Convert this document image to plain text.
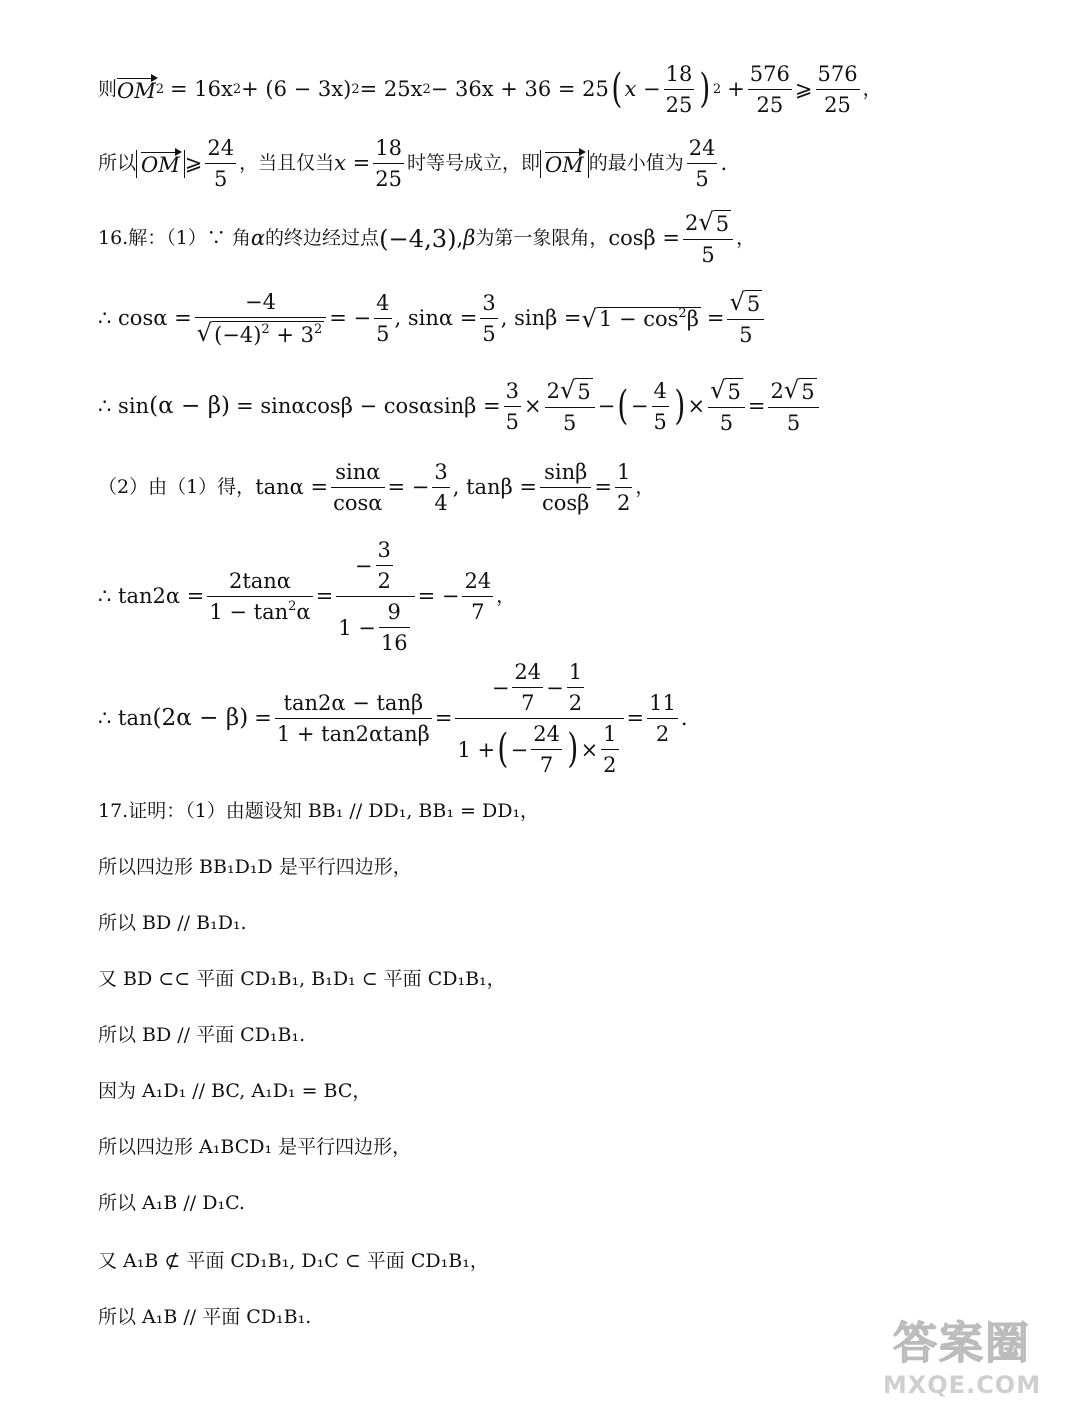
则 OM 2 = 16x 2 + (6 − 3x) 2 = 25x 2 − 36x + 36 = 25 ( $x - \frac{18}{25}$ ) $2 + \frac{576}{25}$ ⩾ $\frac{576}{25}$ ，
所以 OM ⩾ $\frac{24}{5}$ ，当且仅当 $x = \frac{18}{25}$ 时等号成立，即 OM 的最小值为 $\frac{24}{5}$ .
16.解：（1）∵ 角 α 的终边经过点 (−4,3) , β 为第一象限角， $\cos\beta = \frac{2 √ 5}{5}$ ，
∴ $\cos\alpha = \frac{-4}{√ (-4)^2 + 3^2}$ = − $\frac{4}{5}$ , $\sin\alpha = \frac{3}{5}$ , sinβ = √ $1 - \cos^2\beta = \frac{√ 5}{5}$
∴ $\sin (\alpha - \beta) = \sin\alpha\cos\beta - \cos\alpha\sin\beta = \frac{3}{5} \times \frac{2 √ 5}{5}$ − ( − $\frac{4}{5}$ ) × $\frac{√ 5}{5} = \frac{2 √ 5}{5}$
（2）由（1）得， $\tan\alpha = \frac{\sin\alpha}{\cos\alpha}$ = − $\frac{3}{4}$ , $\tan\beta = \frac{\sin\beta}{\cos\beta} = \frac{1}{2}$ ，
∴ $\tan 2\alpha = \frac{2\tan\alpha}{1 - \tan^2\alpha} = \frac{- \frac{3}{2}}{1 - \frac{9}{16}}$ = − $\frac{24}{7}$ ，
∴ $\tan (2\alpha - \beta) = \frac{\tan 2\alpha - \tan\beta}{1 + \tan 2\alpha\tan\beta}$ =
− $\frac{24}{7} - \frac{1}{2}$
1 + ( − $\frac{24}{7}$ ) × $\frac{1}{2}$
= $\frac{11}{2}$ .
17.证明：（1）由题设知 BB₁ // DD₁, BB₁ = DD₁，
所以四边形 BB₁D₁D 是平行四边形，
所以 BD // B₁D₁.
又 BD ⊂⊂ 平面 CD₁B₁, B₁D₁ ⊂ 平面 CD₁B₁，
所以 BD // 平面 CD₁B₁.
因为 A₁D₁ // BC, A₁D₁ = BC，
所以四边形 A₁BCD₁ 是平行四边形，
所以 A₁B // D₁C.
又 A₁B ⊄ 平面 CD₁B₁, D₁C ⊂ 平面 CD₁B₁，
所以 A₁B // 平面 CD₁B₁.
答案圈
MXQE.COM
